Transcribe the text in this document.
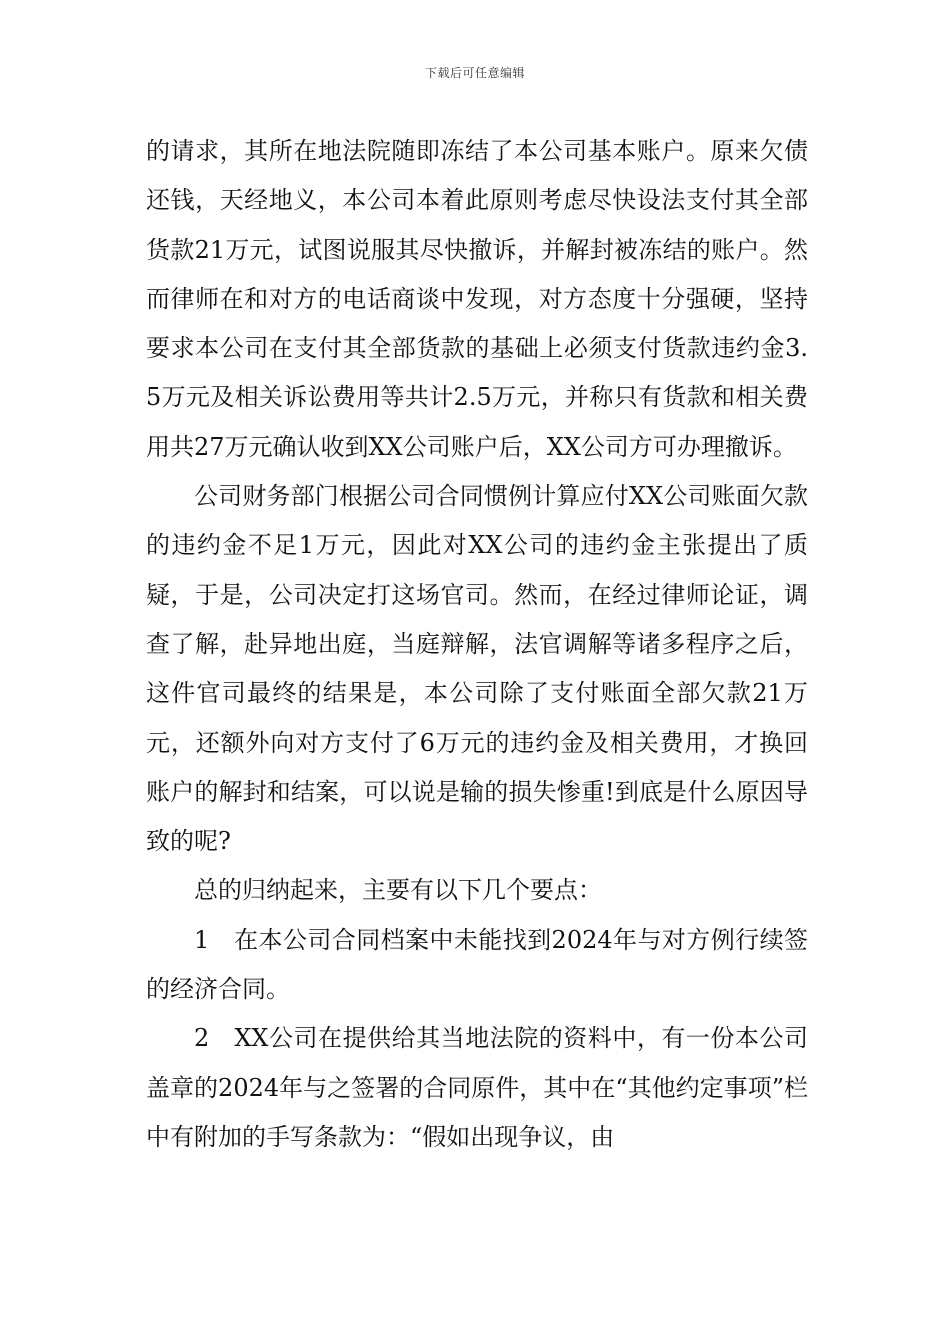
下载后可任意编辑

的请求，其所在地法院随即冻结了本公司基本账户。原来欠债还钱，天经地义，本公司本着此原则考虑尽快设法支付其全部货款21万元，试图说服其尽快撤诉，并解封被冻结的账户。然而律师在和对方的电话商谈中发现，对方态度十分强硬，坚持要求本公司在支付其全部货款的基础上必须支付货款违约金3.5万元及相关诉讼费用等共计2.5万元，并称只有货款和相关费用共27万元确认收到XX公司账户后，XX公司方可办理撤诉。

公司财务部门根据公司合同惯例计算应付XX公司账面欠款的违约金不足1万元，因此对XX公司的违约金主张提出了质疑，于是，公司决定打这场官司。然而，在经过律师论证，调查了解，赴异地出庭，当庭辩解，法官调解等诸多程序之后，这件官司最终的结果是，本公司除了支付账面全部欠款21万元，还额外向对方支付了6万元的违约金及相关费用，才换回账户的解封和结案，可以说是输的损失惨重!到底是什么原因导致的呢?

总的归纳起来，主要有以下几个要点：

1　在本公司合同档案中未能找到2024年与对方例行续签的经济合同。

2　XX公司在提供给其当地法院的资料中，有一份本公司盖章的2024年与之签署的合同原件，其中在“其他约定事项”栏中有附加的手写条款为：“假如出现争议，由
